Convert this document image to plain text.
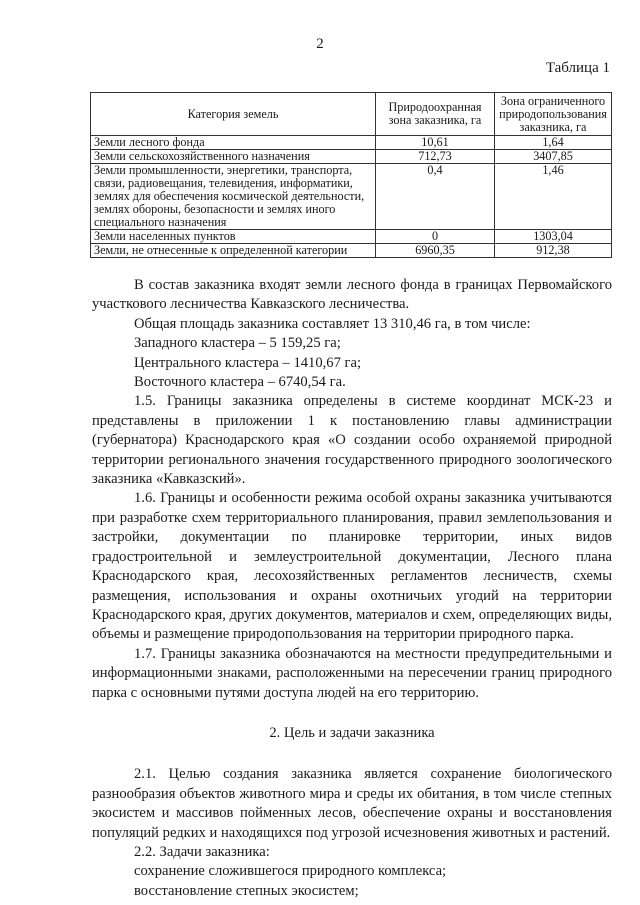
2
Таблица 1
Категория земель	Природоохранная зона заказника, га	Зона ограниченного природопользования заказника, га
Земли лесного фонда	10,61	1,64
Земли сельскохозяйственного назначения	712,73	3407,85
Земли промышленности, энергетики, транспорта, связи, радиовещания, телевидения, информатики, землях для обеспечения космической деятельности, землях обороны, безопасности и землях иного специального назначения	0,4	1,46
Земли населенных пунктов	0	1303,04
Земли, не отнесенные к определенной категории	6960,35	912,38

В состав заказника входят земли лесного фонда в границах Первомайского участкового лесничества Кавказского лесничества.

Общая площадь заказника составляет 13 310,46 га, в том числе:

Западного кластера – 5 159,25 га;

Центрального кластера – 1410,67 га;

Восточного кластера – 6740,54 га.

1.5. Границы заказника определены в системе координат МСК-23 и представлены в приложении 1 к постановлению главы администрации (губернатора) Краснодарского края «О создании особо охраняемой природной территории регионального значения государственного природного зоологического заказника «Кавказский».

1.6. Границы и особенности режима особой охраны заказника учитываются при разработке схем территориального планирования, правил землепользования и застройки, документации по планировке территории, иных видов градостроительной и землеустроительной документации, Лесного плана Краснодарского края, лесохозяйственных регламентов лесничеств, схемы размещения, использования и охраны охотничьих угодий на территории Краснодарского края, других документов, материалов и схем, определяющих виды, объемы и размещение природопользования на территории природного парка.

1.7. Границы заказника обозначаются на местности предупредительными и информационными знаками, расположенными на пересечении границ природного парка с основными путями доступа людей на его территорию.

2. Цель и задачи заказника

2.1. Целью создания заказника является сохранение биологического разнообразия объектов животного мира и среды их обитания, в том числе степных экосистем и массивов пойменных лесов, обеспечение охраны и восстановления популяций редких и находящихся под угрозой исчезновения животных и растений.

2.2. Задачи заказника:

сохранение сложившегося природного комплекса;

восстановление степных экосистем;
